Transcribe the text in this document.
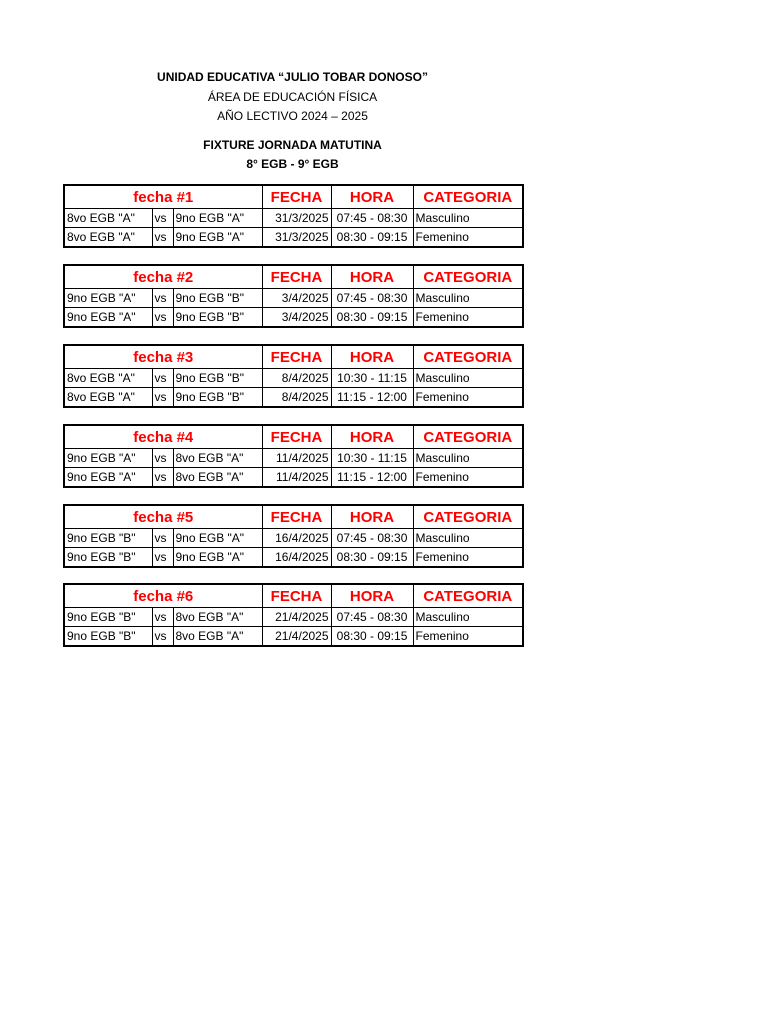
UNIDAD EDUCATIVA “JULIO TOBAR DONOSO”
ÁREA DE EDUCACIÓN FÍSICA
AÑO LECTIVO 2024 – 2025
FIXTURE JORNADA MATUTINA
8° EGB - 9° EGB
fecha #1			FECHA	HORA	CATEGORIA
8vo EGB "A"	vs	9no EGB "A"	31/3/2025	07:45 - 08:30	Masculino
8vo EGB "A"	vs	9no EGB "A"	31/3/2025	08:30 - 09:15	Femenino
fecha #2			FECHA	HORA	CATEGORIA
9no EGB "A"	vs	9no EGB "B"	3/4/2025	07:45 - 08:30	Masculino
9no EGB "A"	vs	9no EGB "B"	3/4/2025	08:30 - 09:15	Femenino
fecha #3			FECHA	HORA	CATEGORIA
8vo EGB "A"	vs	9no EGB "B"	8/4/2025	10:30 - 11:15	Masculino
8vo EGB "A"	vs	9no EGB "B"	8/4/2025	11:15 - 12:00	Femenino
fecha #4			FECHA	HORA	CATEGORIA
9no EGB "A"	vs	8vo EGB "A"	11/4/2025	10:30 - 11:15	Masculino
9no EGB "A"	vs	8vo EGB "A"	11/4/2025	11:15 - 12:00	Femenino
fecha #5			FECHA	HORA	CATEGORIA
9no EGB "B"	vs	9no EGB "A"	16/4/2025	07:45 - 08:30	Masculino
9no EGB "B"	vs	9no EGB "A"	16/4/2025	08:30 - 09:15	Femenino
fecha #6			FECHA	HORA	CATEGORIA
9no EGB "B"	vs	8vo EGB "A"	21/4/2025	07:45 - 08:30	Masculino
9no EGB "B"	vs	8vo EGB "A"	21/4/2025	08:30 - 09:15	Femenino
